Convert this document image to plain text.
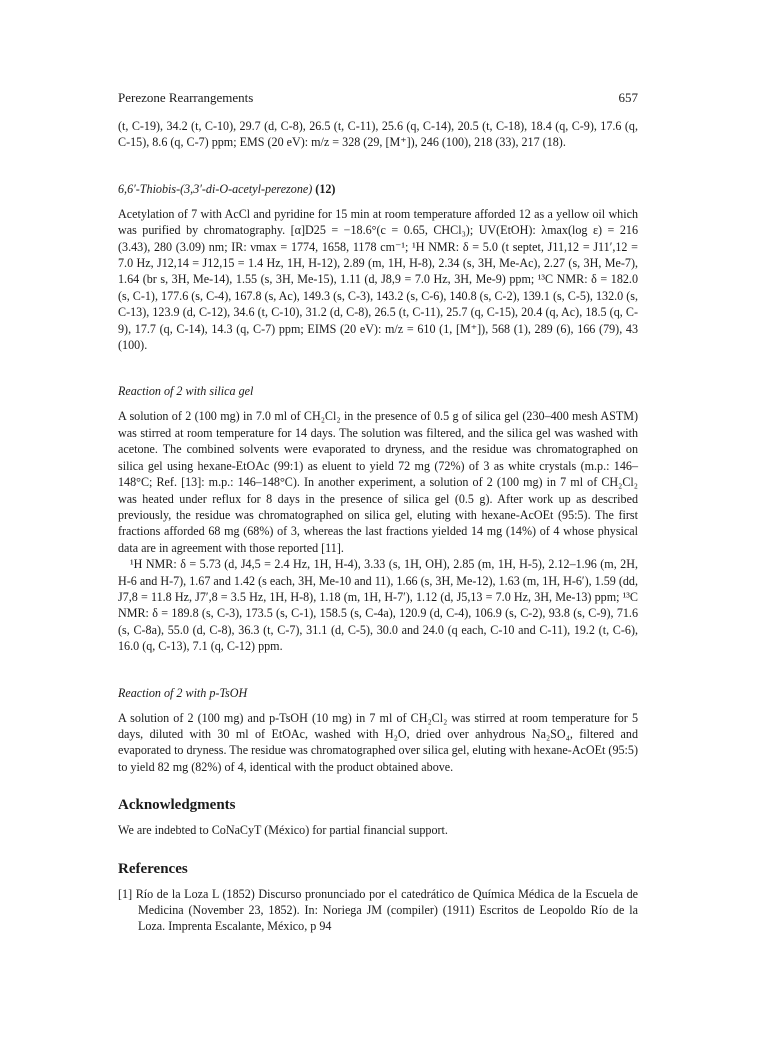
Perezone Rearrangements	657

(t, C-19), 34.2 (t, C-10), 29.7 (d, C-8), 26.5 (t, C-11), 25.6 (q, C-14), 20.5 (t, C-18), 18.4 (q, C-9), 17.6 (q, C-15), 8.6 (q, C-7) ppm; EMS (20 eV): m/z = 328 (29, [M⁺]), 246 (100), 218 (33), 217 (18).

6,6′-Thiobis-(3,3′-di-O-acetyl-perezone) (12)

Acetylation of 7 with AcCl and pyridine for 15 min at room temperature afforded 12 as a yellow oil which was purified by chromatography. [α]D25 = −18.6°(c = 0.65, CHCl₃); UV(EtOH): λmax(log ε) = 216 (3.43), 280 (3.09) nm; IR: νmax = 1774, 1658, 1178 cm⁻¹; ¹H NMR: δ = 5.0 (t septet, J11,12 = J11′,12 = 7.0 Hz, J12,14 = J12,15 = 1.4 Hz, 1H, H-12), 2.89 (m, 1H, H-8), 2.34 (s, 3H, Me-Ac), 2.27 (s, 3H, Me-7), 1.64 (br s, 3H, Me-14), 1.55 (s, 3H, Me-15), 1.11 (d, J8,9 = 7.0 Hz, 3H, Me-9) ppm; ¹³C NMR: δ = 182.0 (s, C-1), 177.6 (s, C-4), 167.8 (s, Ac), 149.3 (s, C-3), 143.2 (s, C-6), 140.8 (s, C-2), 139.1 (s, C-5), 132.0 (s, C-13), 123.9 (d, C-12), 34.6 (t, C-10), 31.2 (d, C-8), 26.5 (t, C-11), 25.7 (q, C-15), 20.4 (q, Ac), 18.5 (q, C-9), 17.7 (q, C-14), 14.3 (q, C-7) ppm; EIMS (20 eV): m/z = 610 (1, [M⁺]), 568 (1), 289 (6), 166 (79), 43 (100).

Reaction of 2 with silica gel

A solution of 2 (100 mg) in 7.0 ml of CH₂Cl₂ in the presence of 0.5 g of silica gel (230–400 mesh ASTM) was stirred at room temperature for 14 days. The solution was filtered, and the silica gel was washed with acetone. The combined solvents were evaporated to dryness, and the residue was chromatographed on silica gel using hexane-EtOAc (99:1) as eluent to yield 72 mg (72%) of 3 as white crystals (m.p.: 146–148°C; Ref. [13]: m.p.: 146–148°C). In another experiment, a solution of 2 (100 mg) in 7 ml of CH₂Cl₂ was heated under reflux for 8 days in the presence of silica gel (0.5 g). After work up as described previously, the residue was chromatographed on silica gel, eluting with hexane-AcOEt (95:5). The first fractions afforded 68 mg (68%) of 3, whereas the last fractions yielded 14 mg (14%) of 4 whose physical data are in agreement with those reported [11].

¹H NMR: δ = 5.73 (d, J4,5 = 2.4 Hz, 1H, H-4), 3.33 (s, 1H, OH), 2.85 (m, 1H, H-5), 2.12–1.96 (m, 2H, H-6 and H-7), 1.67 and 1.42 (s each, 3H, Me-10 and 11), 1.66 (s, 3H, Me-12), 1.63 (m, 1H, H-6′), 1.59 (dd, J7,8 = 11.8 Hz, J7′,8 = 3.5 Hz, 1H, H-8), 1.18 (m, 1H, H-7′), 1.12 (d, J5,13 = 7.0 Hz, 3H, Me-13) ppm; ¹³C NMR: δ = 189.8 (s, C-3), 173.5 (s, C-1), 158.5 (s, C-4a), 120.9 (d, C-4), 106.9 (s, C-2), 93.8 (s, C-9), 71.6 (s, C-8a), 55.0 (d, C-8), 36.3 (t, C-7), 31.1 (d, C-5), 30.0 and 24.0 (q each, C-10 and C-11), 19.2 (t, C-6), 16.0 (q, C-13), 7.1 (q, C-12) ppm.

Reaction of 2 with p-TsOH

A solution of 2 (100 mg) and p-TsOH (10 mg) in 7 ml of CH₂Cl₂ was stirred at room temperature for 5 days, diluted with 30 ml of EtOAc, washed with H₂O, dried over anhydrous Na₂SO₄, filtered and evaporated to dryness. The residue was chromatographed over silica gel, eluting with hexane-AcOEt (95:5) to yield 82 mg (82%) of 4, identical with the product obtained above.

Acknowledgments

We are indebted to CoNaCyT (México) for partial financial support.

References

[1] Río de la Loza L (1852) Discurso pronunciado por el catedrático de Química Médica de la Escuela de Medicina (November 23, 1852). In: Noriega JM (compiler) (1911) Escritos de Leopoldo Río de la Loza. Imprenta Escalante, México, p 94
